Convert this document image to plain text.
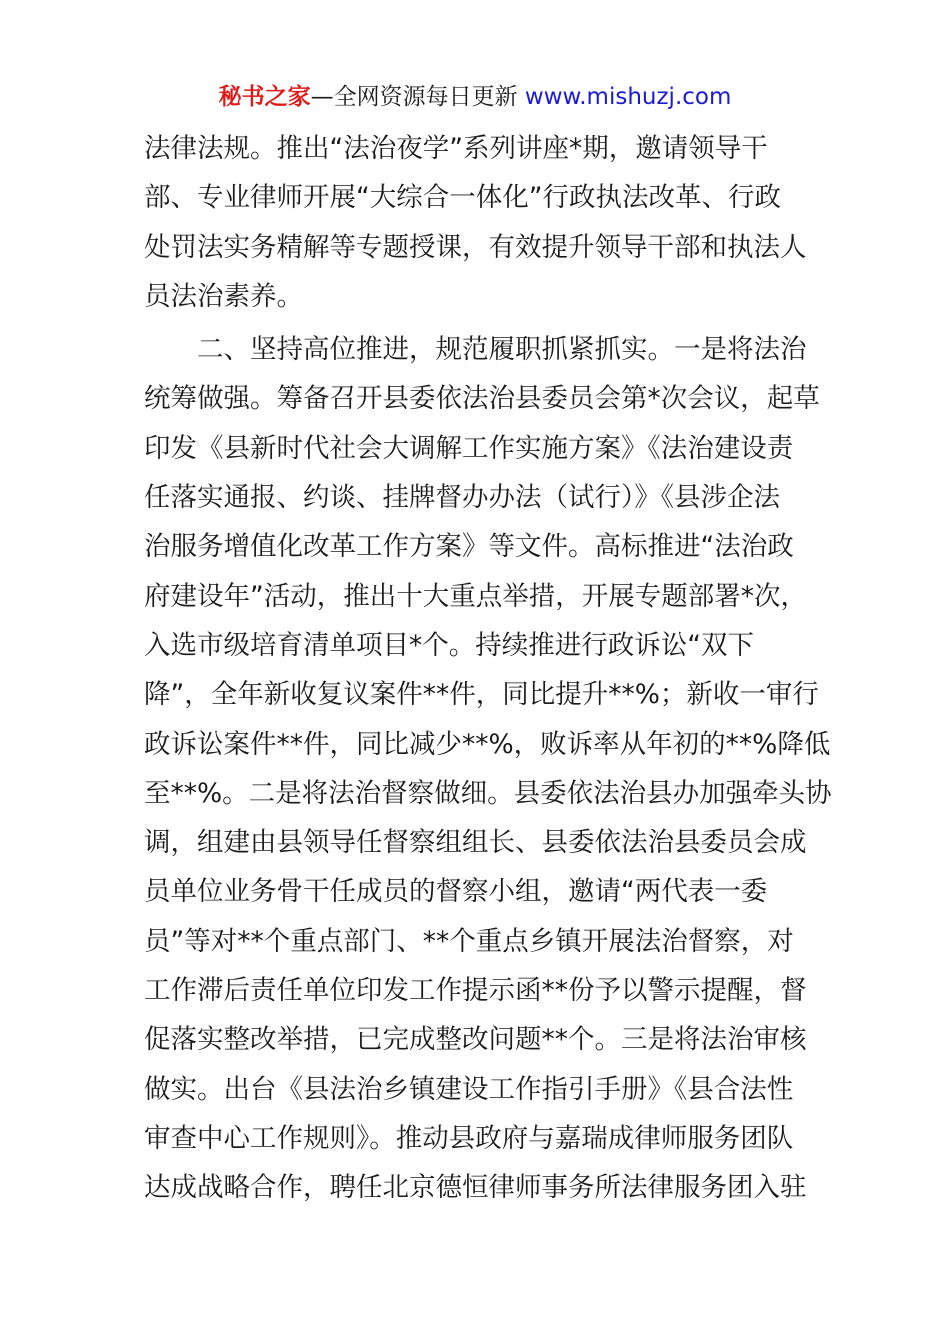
秘书之家—全网资源每日更新 www.mishuzj.com
法律法规。推出“法治夜学”系列讲座*期，邀请领导干
部、专业律师开展“大综合一体化”行政执法改革、行政
处罚法实务精解等专题授课，有效提升领导干部和执法人
员法治素养。
　　二、坚持高位推进，规范履职抓紧抓实。一是将法治
统筹做强。筹备召开县委依法治县委员会第*次会议，起草
印发《县新时代社会大调解工作实施方案》《法治建设责
任落实通报、约谈、挂牌督办办法（试行）》《县涉企法
治服务增值化改革工作方案》等文件。高标推进“法治政
府建设年”活动，推出十大重点举措，开展专题部署*次，
入选市级培育清单项目*个。持续推进行政诉讼“双下
降”，全年新收复议案件**件，同比提升**%；新收一审行
政诉讼案件**件，同比减少**%，败诉率从年初的**%降低
至**%。二是将法治督察做细。县委依法治县办加强牵头协
调，组建由县领导任督察组组长、县委依法治县委员会成
员单位业务骨干任成员的督察小组，邀请“两代表一委
员”等对**个重点部门、**个重点乡镇开展法治督察，对
工作滞后责任单位印发工作提示函**份予以警示提醒，督
促落实整改举措，已完成整改问题**个。三是将法治审核
做实。出台《县法治乡镇建设工作指引手册》《县合法性
审查中心工作规则》。推动县政府与嘉瑞成律师服务团队
达成战略合作，聘任北京德恒律师事务所法律服务团入驻
